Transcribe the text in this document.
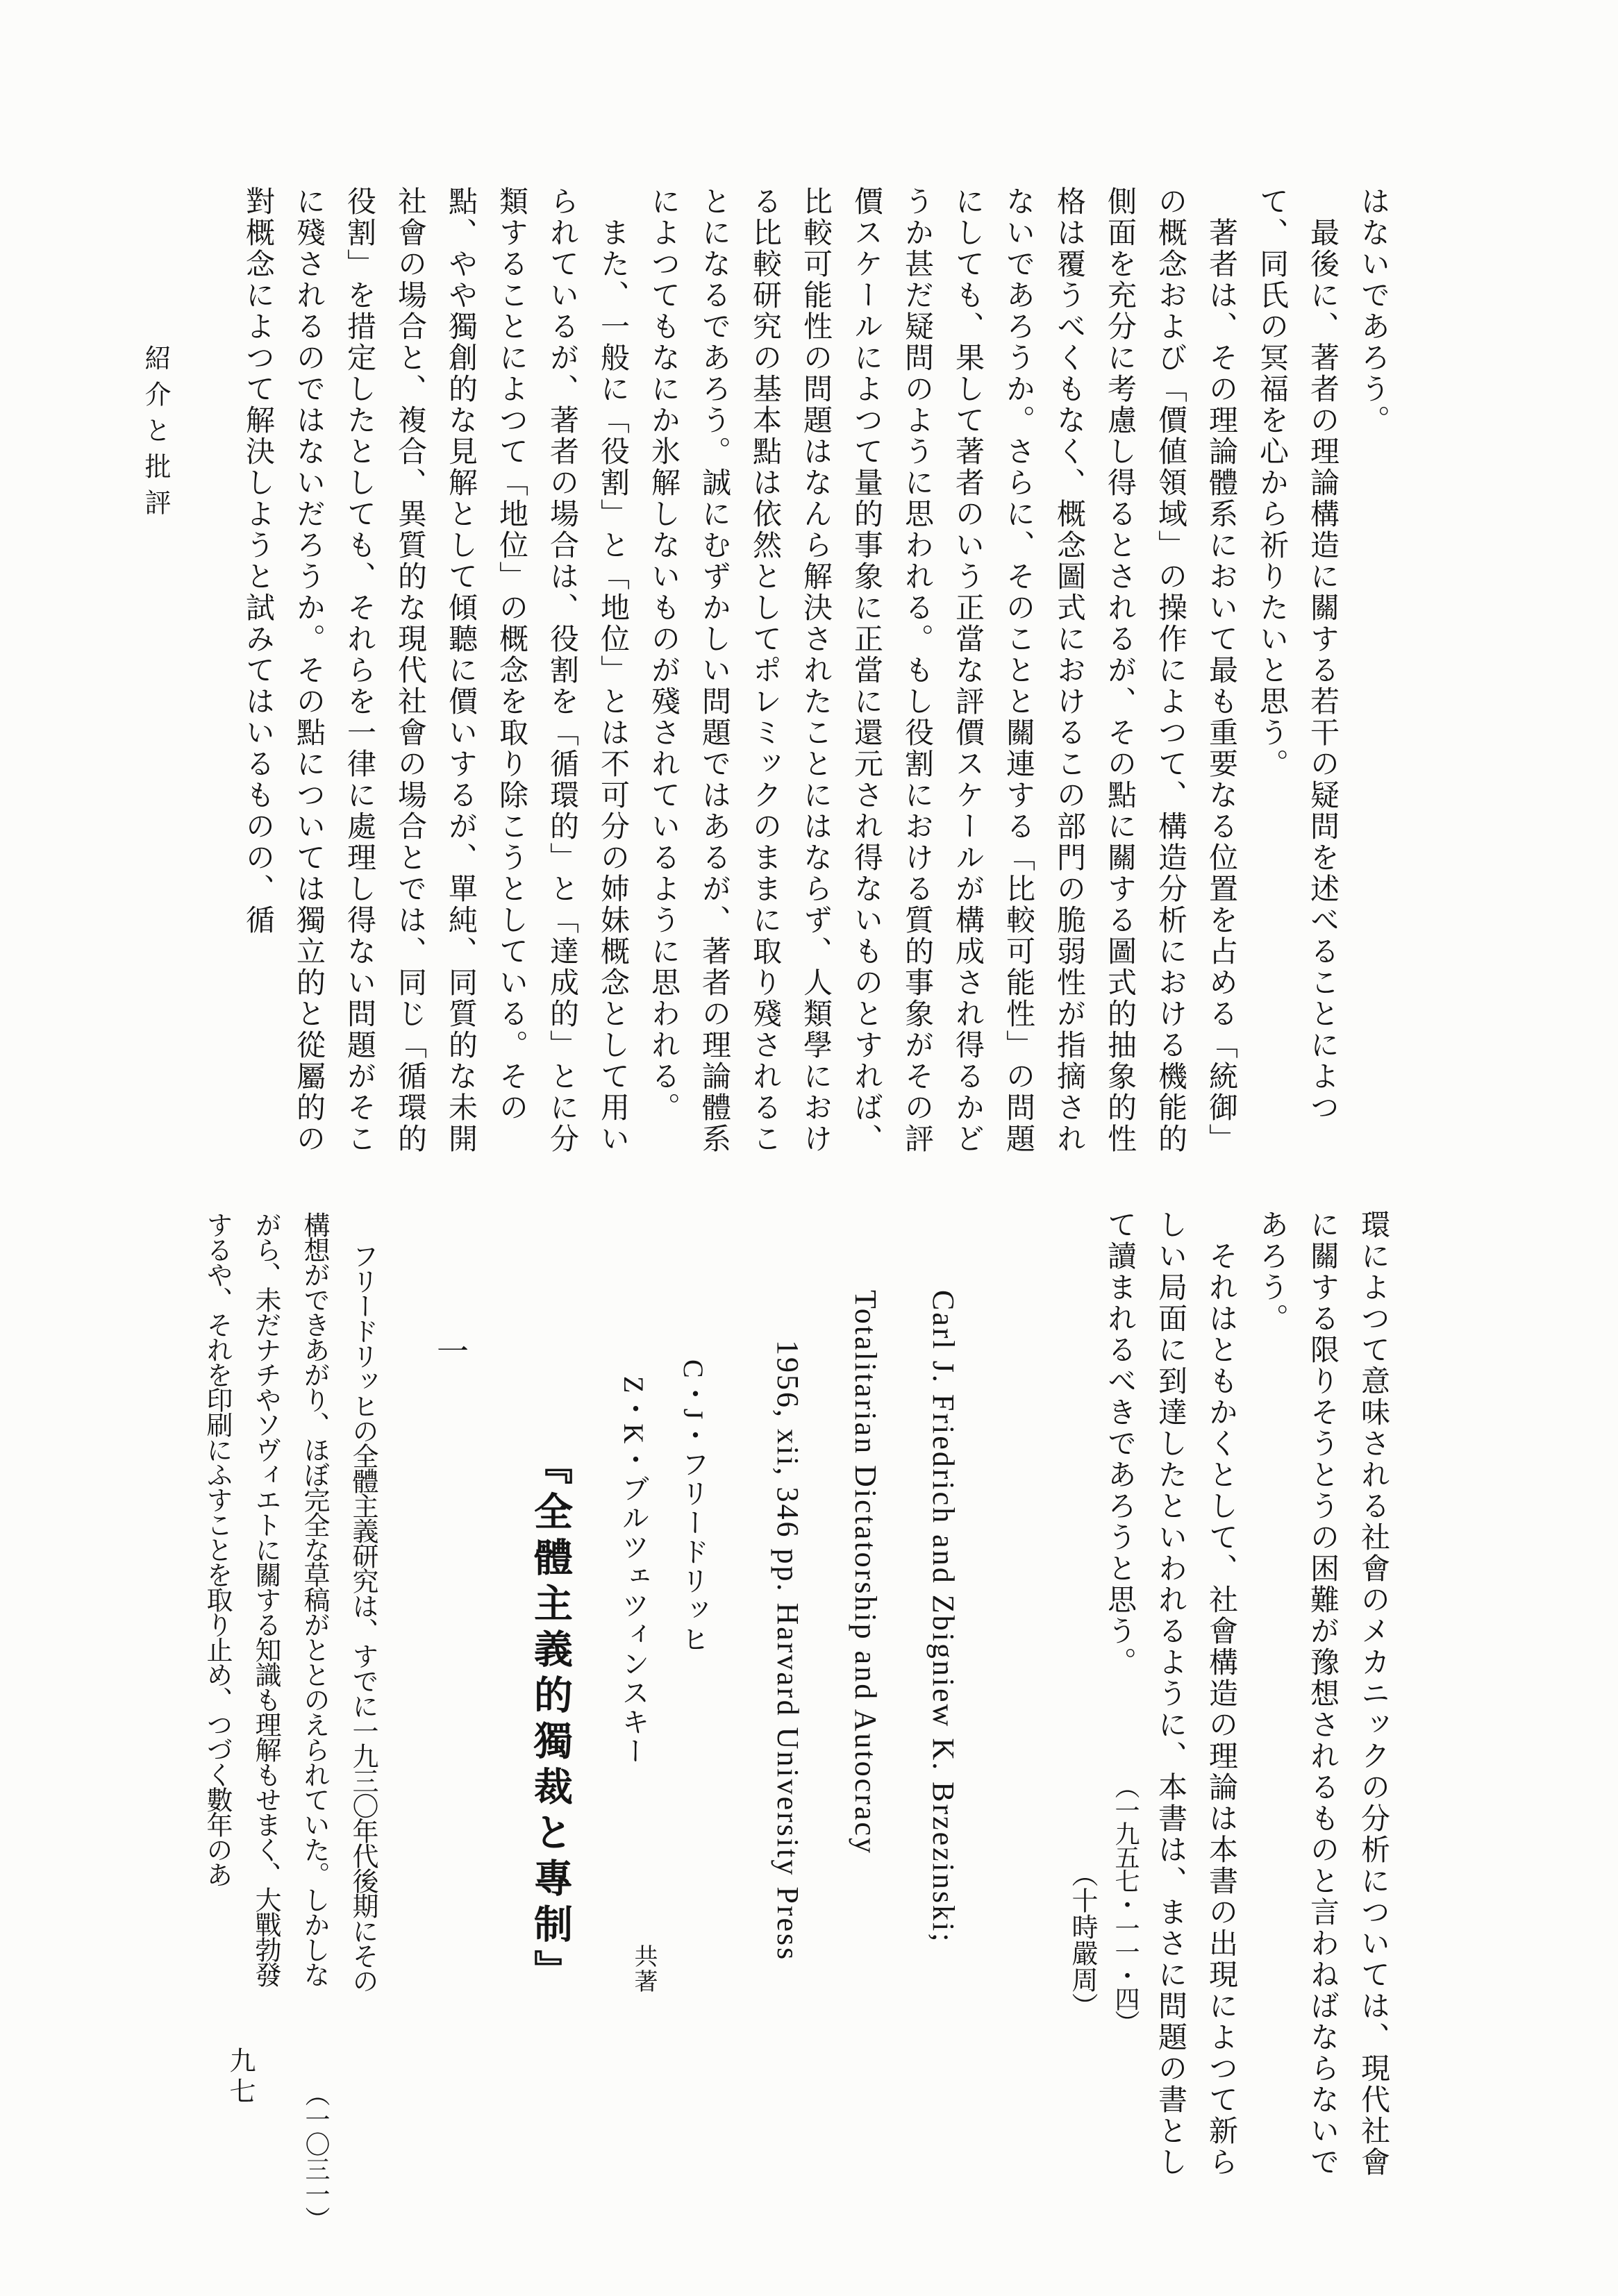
紹介と批評	はないであろう。

最後に、著者の理論構造に關する若干の疑問を述べることによつて、同氏の冥福を心から祈りたいと思う。

著者は、その理論體系において最も重要なる位置を占める「統御」の概念および「價値領域」の操作によつて、構造分析における機能的側面を充分に考慮し得るとされるが、その點に關する圖式的抽象的性格は覆うべくもなく、概念圖式におけるこの部門の脆弱性が指摘されないであろうか。さらに、そのことと關連する「比較可能性」の問題にしても、果して著者のいう正當な評價スケールが構成され得るかどうか甚だ疑問のように思われる。もし役割における質的事象がその評價スケールによつて量的事象に正當に還元され得ないものとすれば、比較可能性の問題はなんら解決されたことにはならず、人類學における比較研究の基本點は依然としてポレミックのままに取り殘されることになるであろう。誠にむずかしい問題ではあるが、著者の理論體系によつてもなにか氷解しないものが殘されているように思われる。

また、一般に「役割」と「地位」とは不可分の姉妹概念として用いられているが、著者の場合は、役割を「循環的」と「達成的」とに分類することによつて「地位」の概念を取り除こうとしている。その點、やや獨創的な見解として傾聽に價いするが、單純、同質的な未開社會の場合と、複合、異質的な現代社會の場合とでは、同じ「循環的役割」を措定したとしても、それらを一律に處理し得ない問題がそこに殘されるのではないだろうか。その點については獨立的と從屬的の對概念によつて解決しようと試みてはいるものの、循

環によつて意味される社會のメカニックの分析については、現代社會に關する限りそうとうの困難が豫想されるものと言わねばならないであろう。

それはともかくとして、社會構造の理論は本書の出現によつて新らしい局面に到達したといわれるように、本書は、まさに問題の書として讀まれるべきであろうと思う。

（一九五七・一一・四）
（十時嚴周）
Carl J. Friedrich and Zbigniew K. Brzezinski;
Totalitarian Dictatorship and Autocracy
1956, xii, 346 pp. Harvard University Press
C・J・フリードリッヒ
Z・K・ブルツェツィンスキー
共著
『全體主義的獨裁と專制』
一

フリードリッヒの全體主義研究は、すでに一九三〇年代後期にその構想ができあがり、ほぼ完全な草稿がととのえられていた。しかしながら、未だナチやソヴィエトに關する知識も理解もせまく、大戰勃發するや、それを印刷にふすことを取り止め、つづく數年のあ

九七
（一〇三一）
